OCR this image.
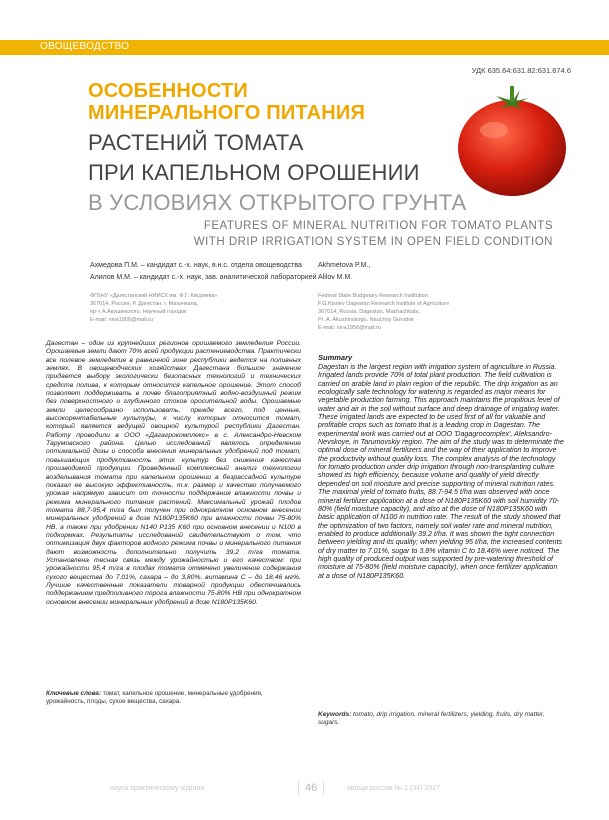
ОВОЩЕВОДСТВО
УДК 635.64:631.82:631.674.6
ОСОБЕННОСТИ
МИНЕРАЛЬНОГО ПИТАНИЯ
РАСТЕНИЙ ТОМАТА
ПРИ КАПЕЛЬНОМ ОРОШЕНИИ
В УСЛОВИЯХ ОТКРЫТОГО ГРУНТА
FEATURES OF MINERAL NUTRITION FOR TOMATO PLANTS
WITH DRIP IRRIGATION SYSTEM IN OPEN FIELD CONDITION
Ахмедова П.М. – кандидат с.-х. наук, в.н.с. отдела овощеводства
Алилов М.М. – кандидат с.-х. наук, зав. аналитической лабораторией
Akhmetova P.M.,
Alilov M.M.
ФГБНУ «Дагестанский НИИСХ им. Ф.Г. Кисриева»
367014, Россия, Р. Дагестан, г. Махачкала,
пр-т А.Акушинского, Научный городок
E-mail: niva1956@mail.ru
Federal State Budgetary Research Institution
F.G.Kisriev Dagestan Research Institute of Agriculture
367014, Russia, Dagestan, Makhachkala,
Pr. A. Akushinskogo, Nauchny Gorodok
E-mail: niva1956@mail.ru
Дагестан – один из крупнейших регионов орошаемого земледелия России. Орошаемые земли дают 70% всей продукции растениеводства. Практически все полевое земледелие в равнинной зоне республики ведется на поливных землях. В овощеводческих хозяйствах Дагестана большое значение придается выбору экологически безопасных технологий и технических средств полива, к которым относится капельное орошение. Этот способ позволяет поддерживать в почве благоприятный водно-воздушный режим без поверхностного и глубинного стоков оросительной воды. Орошаемые земли целесообразно использовать, прежде всего, под ценные, высокорентабельные культуры, к числу которых относится томат, который является ведущей овощной культурой республики Дагестан. Работу проводили в ООО «Дагагрокомплекс» в с. Александро-Невском Тарумовского района. Целью исследований являлось определение оптимальной дозы и способа внесения минеральных удобрений под томат, повышающих продуктивность этих культур без снижения качества производимой продукции. Проведенный комплексный анализ технологии возделывания томата при капельном орошении в безрассадной культуре показал ее высокую эффективность, т.к. размер и качество получаемого урожая напрямую зависит от точности поддержания влажности почвы и режима минерального питания растений. Максимальный урожай плодов томата 88,7-95,4 т/га был получен при однократном основном внесении минеральных удобрений в дозе N180P135K60 при влажности почвы 75-80% НВ, а также при удобрении N140 P135 K60 при основном внесении и N100 в подкормках. Результаты исследований свидетельствуют о том, что оптимизация двух факторов водного режима почвы и минерального питания дают возможность дополнительно получить 39,2 т/га томата. Установлена тесная связь между урожайностью и его качеством: при урожайности 95,4 т/га в плодах томата отмечено увеличение содержания сухого вещества до 7,01%, сахара – до 3,80%, витамина С – до 18,46 мг%. Лучшие качественные показатели товарной продукции обеспечивались поддержанием предполивного порога влажности 75-80% НВ при однократном основном внесении минеральных удобрений в дозе N180P135K60.
Ключевые слова: томат, капельное орошение, минеральные удобрения, урожайность, плоды, сухое вещества, сахара.
Summary
Dagestan is the largest region with irrigation system of agriculture in Russia. Irrigated lands provide 70% of total plant production. The field cultivation is carried on arable land in plain region of the republic. The drip irrigation as an ecologically safe technology for watering is regarded as major means for vegetable production farming. This approach maintains the propitious level of water and air in the soil without surface and deep drainage of irrigating water. These irrigated lands are expected to be used first of all for valuable and profitable crops such as tomato that is a leading crop in Dagestan. The experimental work was carried out at OOO 'Dagagrocomplex', Aleksandro-Nevskoye, in Tarumovskiy region. The aim of the study was to determinate the optimal dose of mineral fertilizers and the way of their application to improve the productivity without quality loss. The complex analysis of the technology for tomato production under drip irrigation through non-transplanting culture showed its high efficiency, because volume and quality of yield directly depended on soil moisture and precise supporting of mineral nutrition rates. The maximal yield of tomato fruits, 88.7-94.5 t/ha was observed with once mineral fertilizer application at a dose of N180P135K60 with soil humidity 70-80% (field moisture capacity), and also at the dose of N180P135K60 with basic application of N100 in nutrition rate. The result of the study showed that the optimization of two factors, namely soil water rate and mineral nutrition, enabled to produce additionally 39.2 t/ha. It was shown the tight connection between yielding and its quality; when yielding 95 t/ha, the increased contents of dry matter to 7.01%, sugar to 3.8% vitamin C to 18.46% were noticed. The high quality of produced output was supported by pre-watering threshold of moisture at 75-80% (field moisture capacity), when once fertilizer application at a dose of N180P135K60.
Keywords: tomato, drip irrigation, mineral fertilizers, yielding, fruits, dry matter, sugars.
наука практическому журнал	46	овощи россии № 1 (34) 2017
